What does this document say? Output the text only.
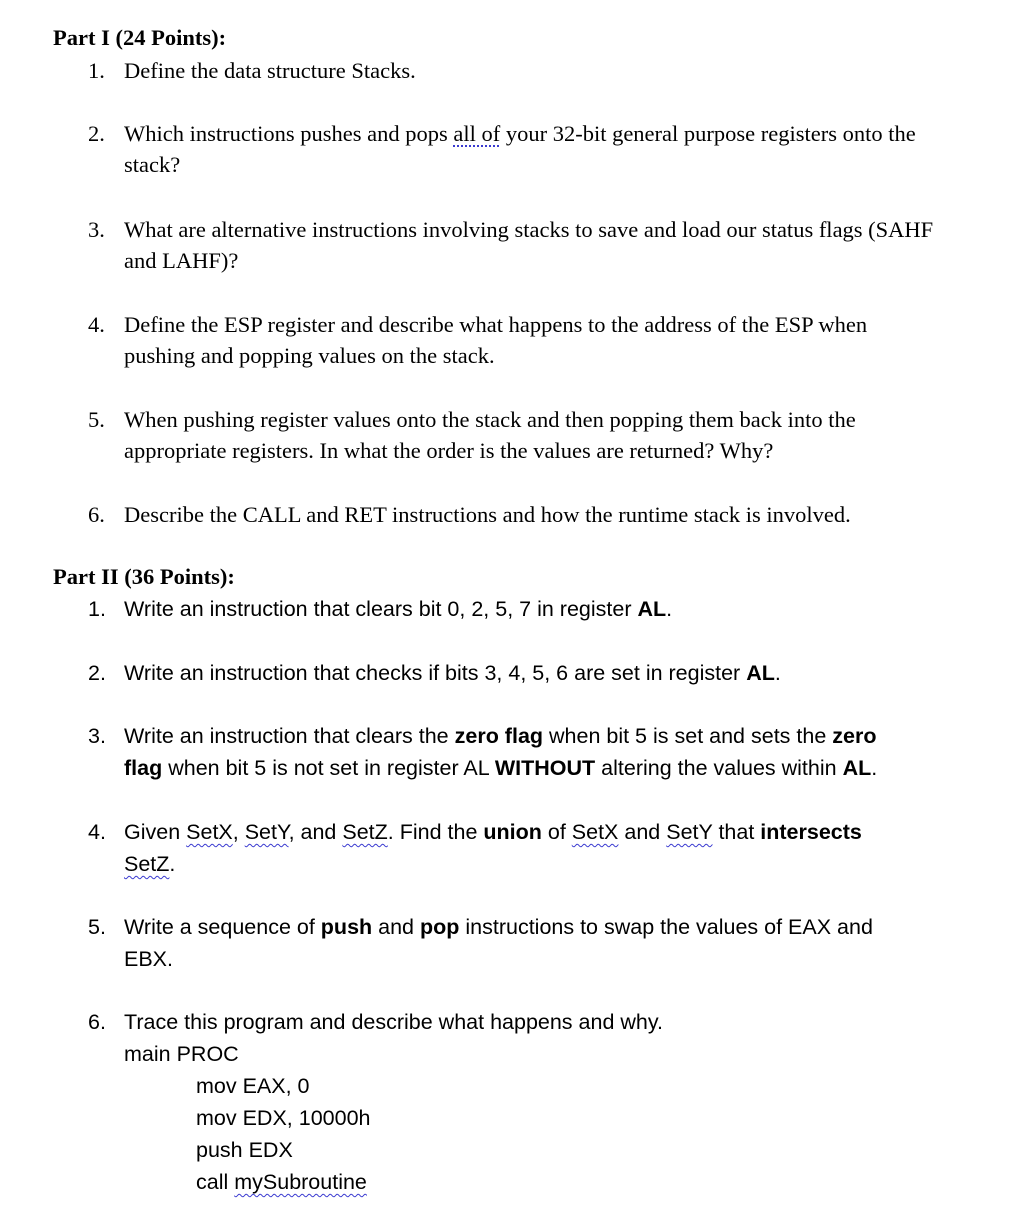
Part I (24 Points):
1. Define the data structure Stacks.
2. Which instructions pushes and pops all of your 32-bit general purpose registers onto the
stack?
3. What are alternative instructions involving stacks to save and load our status flags (SAHF
and LAHF)?
4. Define the ESP register and describe what happens to the address of the ESP when
pushing and popping values on the stack.
5. When pushing register values onto the stack and then popping them back into the
appropriate registers. In what the order is the values are returned? Why?
6. Describe the CALL and RET instructions and how the runtime stack is involved.
Part II (36 Points):
1. Write an instruction that clears bit 0, 2, 5, 7 in register AL.
2. Write an instruction that checks if bits 3, 4, 5, 6 are set in register AL.
3. Write an instruction that clears the zero flag when bit 5 is set and sets the zero
flag when bit 5 is not set in register AL WITHOUT altering the values within AL.
4. Given SetX, SetY, and SetZ. Find the union of SetX and SetY that intersects
SetZ.
5. Write a sequence of push and pop instructions to swap the values of EAX and
EBX.
6. Trace this program and describe what happens and why.
main PROC
mov EAX, 0
mov EDX, 10000h
push EDX
call mySubroutine
